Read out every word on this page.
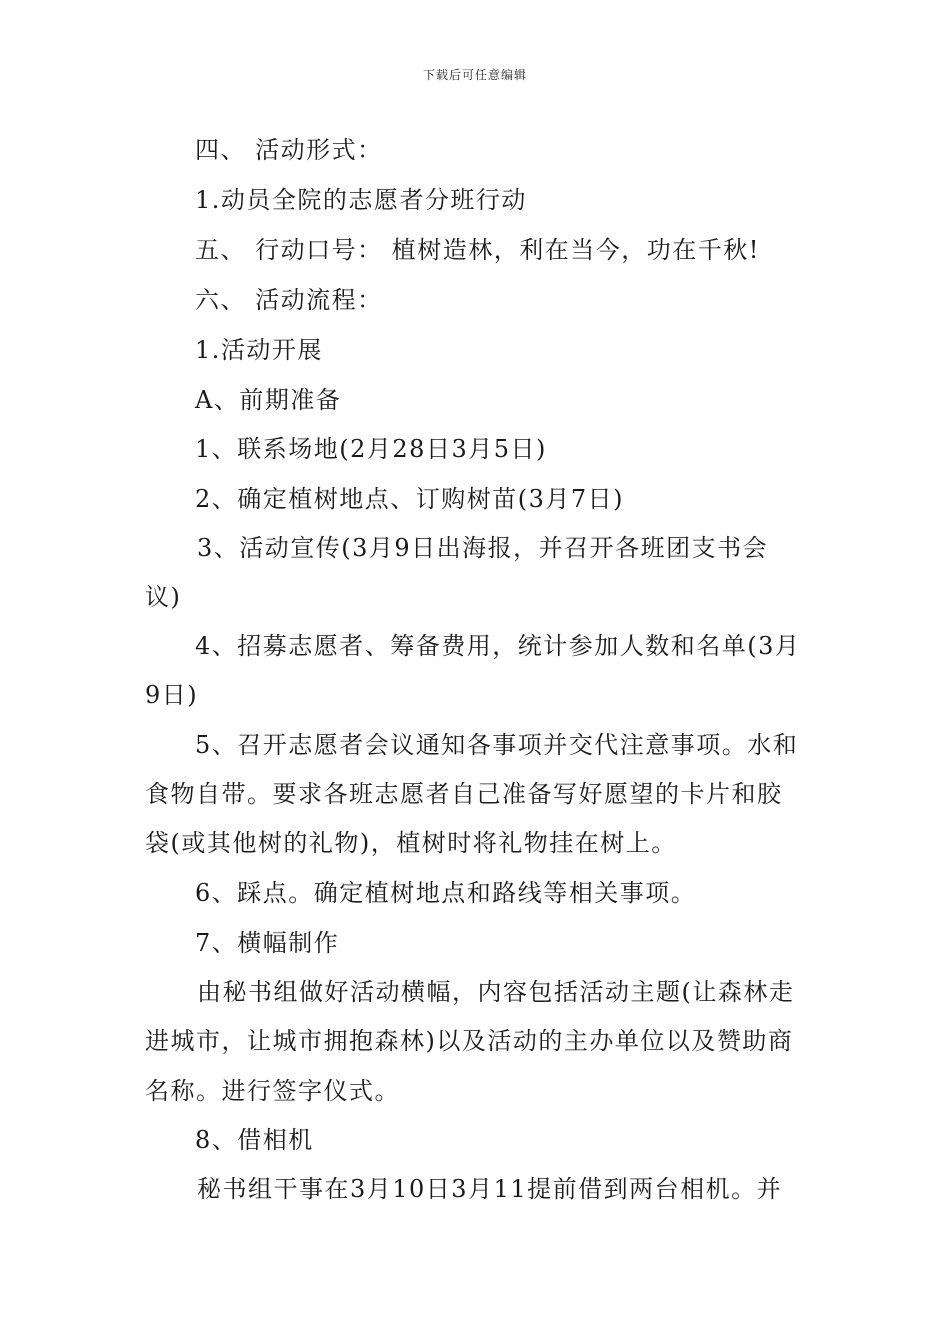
下载后可任意编辑
四、 活动形式：
1.动员全院的志愿者分班行动
五、 行动口号： 植树造林，利在当今，功在千秋!
六、 活动流程：
1.活动开展
A、前期准备
1、联系场地(2月28日3月5日)
2、确定植树地点、订购树苗(3月7日)
3、活动宣传(3月9日出海报，并召开各班团支书会
议)
4、招募志愿者、筹备费用，统计参加人数和名单(3月
9日)
5、召开志愿者会议通知各事项并交代注意事项。水和
食物自带。要求各班志愿者自己准备写好愿望的卡片和胶
袋(或其他树的礼物)，植树时将礼物挂在树上。
6、踩点。确定植树地点和路线等相关事项。
7、横幅制作
由秘书组做好活动横幅，内容包括活动主题(让森林走
进城市，让城市拥抱森林)以及活动的主办单位以及赞助商
名称。进行签字仪式。
8、借相机
秘书组干事在3月10日3月11提前借到两台相机。并
